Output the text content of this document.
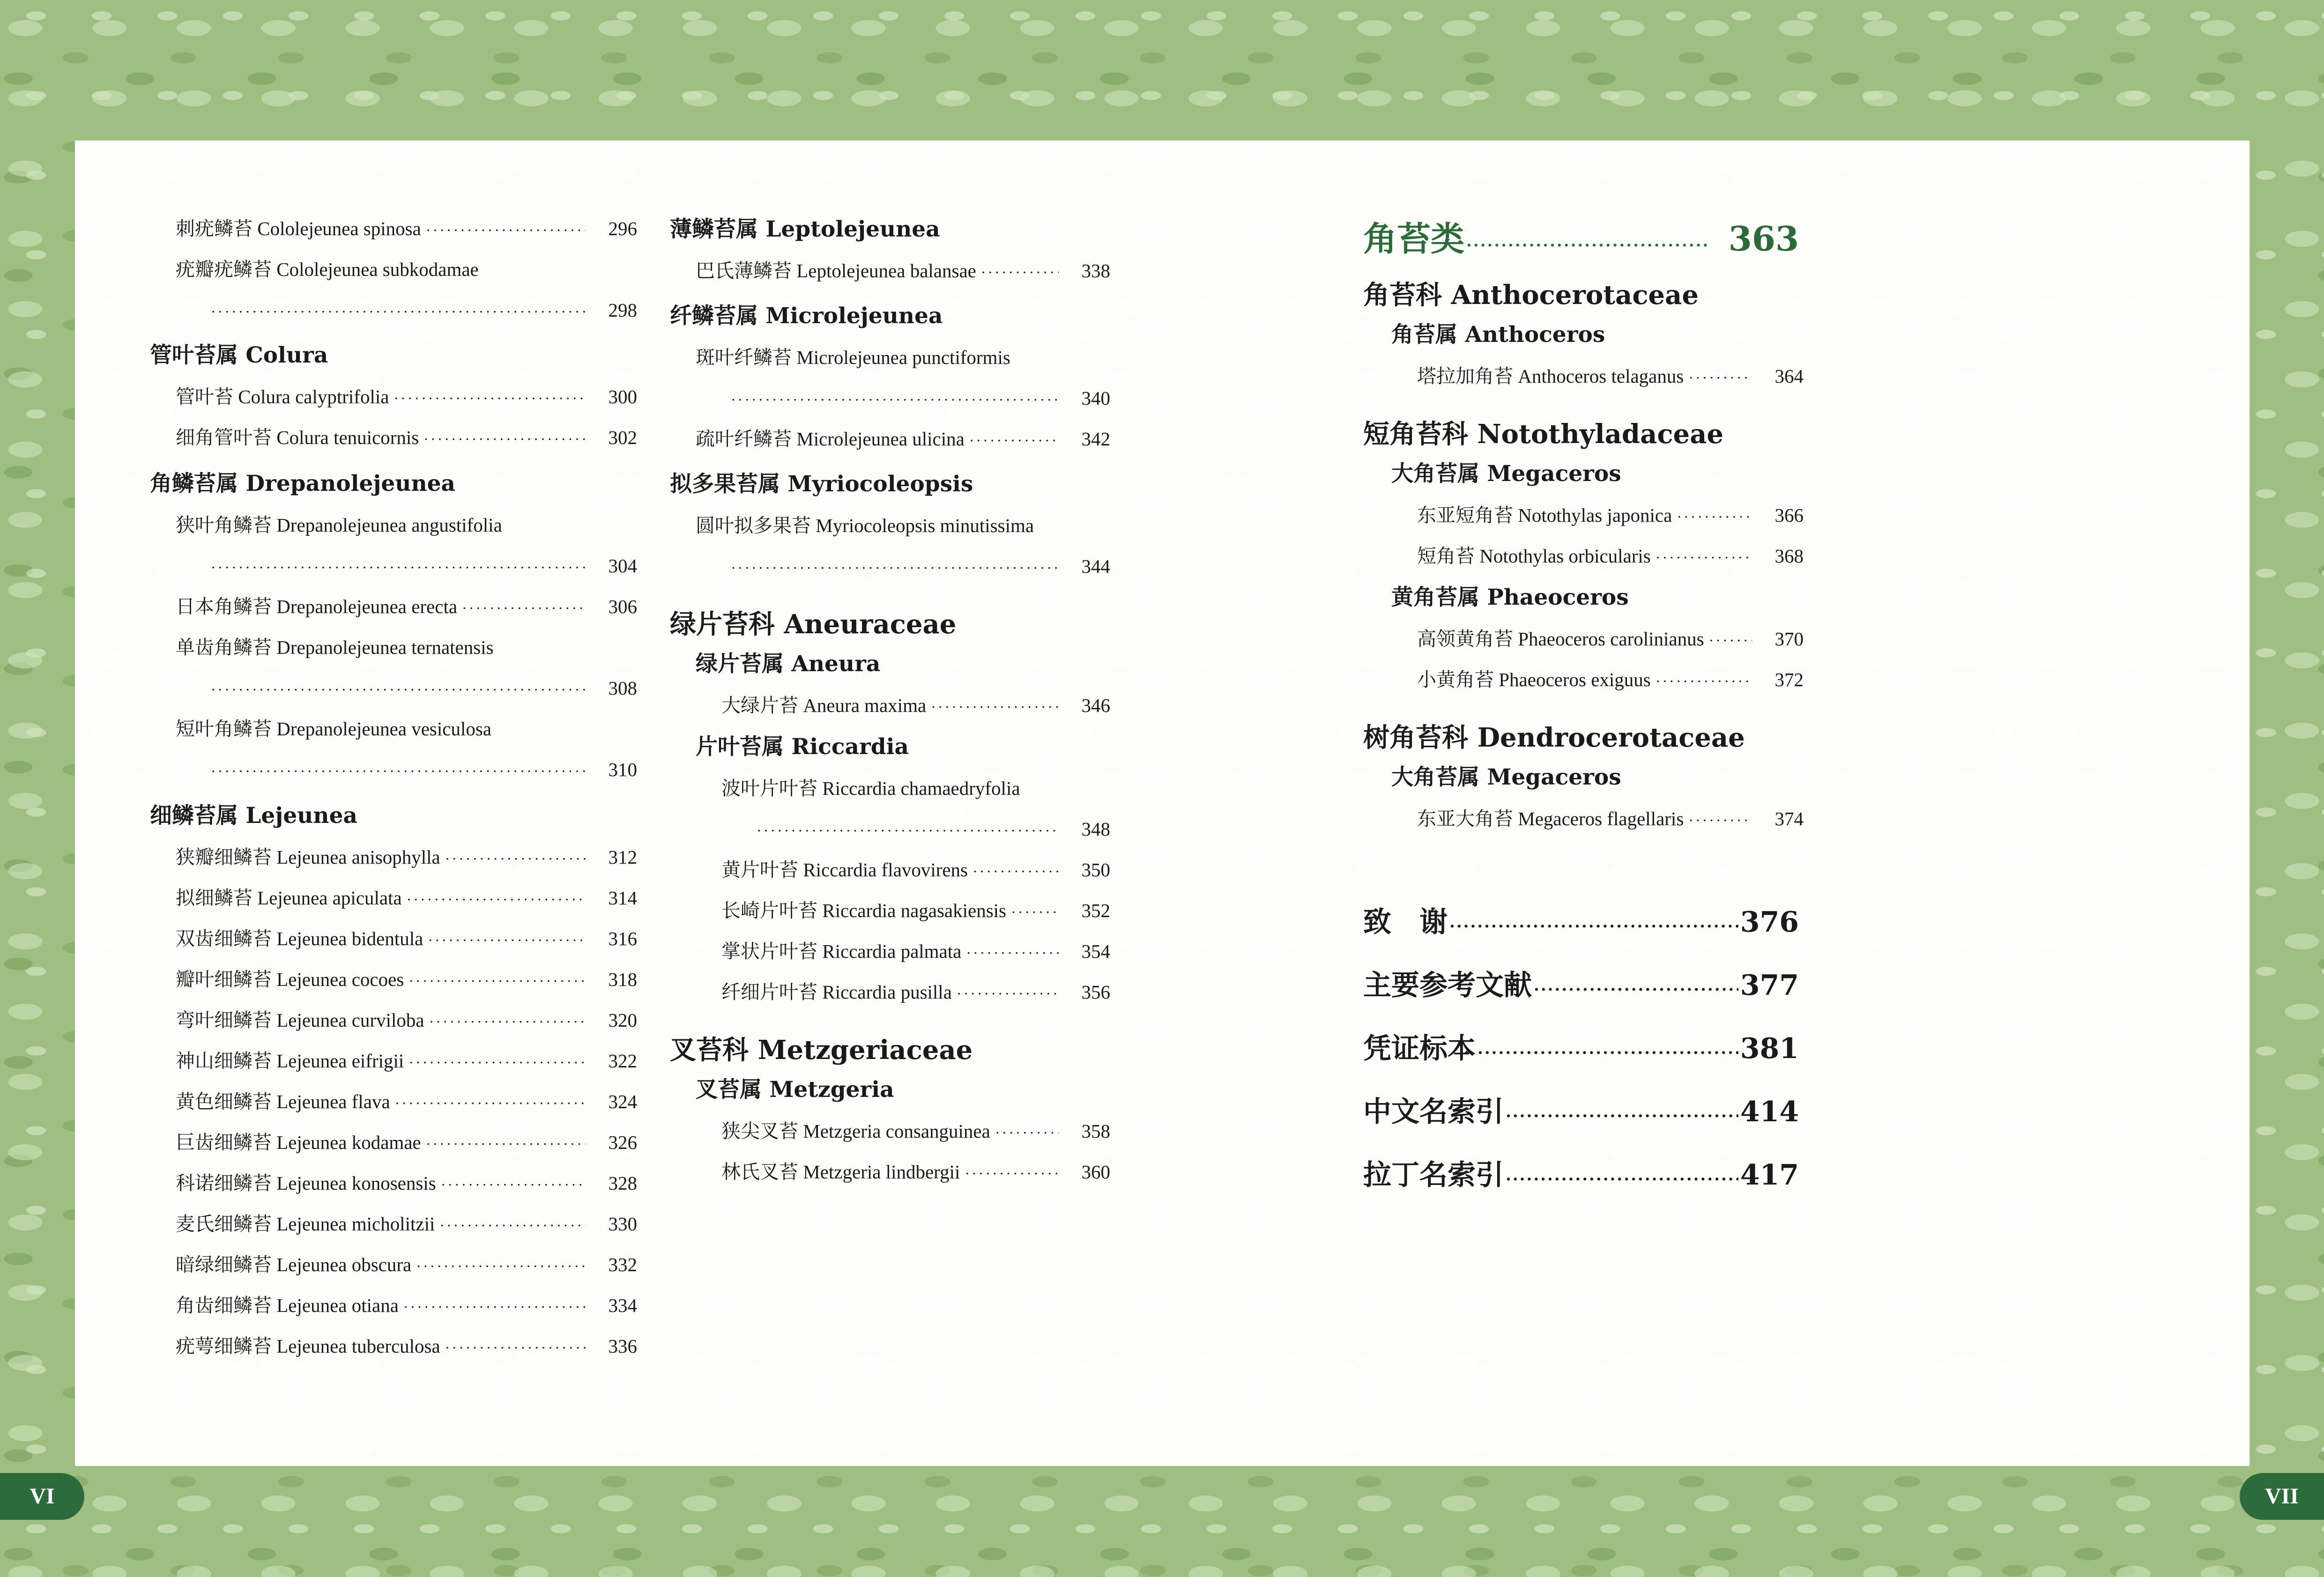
刺疣鳞苔 Cololejeunea spinosa ·····	296
疣瓣疣鳞苔 Cololejeunea subkodamae
·····
298
管叶苔属 Colura
管叶苔 Colura calyptrifolia ·····	300
细角管叶苔 Colura tenuicornis ·····	302
角鳞苔属 Drepanolejeunea
狭叶角鳞苔 Drepanolejeunea angustifolia
·····
304
日本角鳞苔 Drepanolejeunea erecta ·····	306
单齿角鳞苔 Drepanolejeunea ternatensis
·····
308
短叶角鳞苔 Drepanolejeunea vesiculosa
·····
310
细鳞苔属 Lejeunea
狭瓣细鳞苔 Lejeunea anisophylla ·····	312
拟细鳞苔 Lejeunea apiculata ·····	314
双齿细鳞苔 Lejeunea bidentula ·····	316
瓣叶细鳞苔 Lejeunea cocoes ·····	318
弯叶细鳞苔 Lejeunea curviloba ·····	320
神山细鳞苔 Lejeunea eifrigii ·····	322
黄色细鳞苔 Lejeunea flava ·····	324
巨齿细鳞苔 Lejeunea kodamae ·····	326
科诺细鳞苔 Lejeunea konosensis ·····	328
麦氏细鳞苔 Lejeunea micholitzii ·····	330
暗绿细鳞苔 Lejeunea obscura ·····	332
角齿细鳞苔 Lejeunea otiana ·····	334
疣萼细鳞苔 Lejeunea tuberculosa ·····	336
薄鳞苔属 Leptolejeunea
巴氏薄鳞苔 Leptolejeunea balansae ·····	338
纤鳞苔属 Microlejeunea
斑叶纤鳞苔 Microlejeunea punctiformis
·····
340
疏叶纤鳞苔 Microlejeunea ulicina ·····	342
拟多果苔属 Myriocoleopsis
圆叶拟多果苔 Myriocoleopsis minutissima
·····
344
绿片苔科 Aneuraceae
绿片苔属 Aneura
大绿片苔 Aneura maxima ·····	346
片叶苔属 Riccardia
波叶片叶苔 Riccardia chamaedryfolia
·····
348
黄片叶苔 Riccardia flavovirens ·····	350
长崎片叶苔 Riccardia nagasakiensis ·····	352
掌状片叶苔 Riccardia palmata ·····	354
纤细片叶苔 Riccardia pusilla ·····	356
叉苔科 Metzgeriaceae
叉苔属 Metzgeria
狭尖叉苔 Metzgeria consanguinea ·····	358
林氏叉苔 Metzgeria lindbergii ·····	360
角苔类 ·····	363
角苔科 Anthocerotaceae
角苔属 Anthoceros
塔拉加角苔 Anthoceros telaganus ·····	364
短角苔科 Notothyladaceae
大角苔属 Megaceros
东亚短角苔 Notothylas japonica ·····	366
短角苔 Notothylas orbicularis ·····	368
黄角苔属 Phaeoceros
高领黄角苔 Phaeoceros carolinianus ·····	370
小黄角苔 Phaeoceros exiguus ·····	372
树角苔科 Dendrocerotaceae
大角苔属 Megaceros
东亚大角苔 Megaceros flagellaris ·····	374
致　谢 ·····	376
主要参考文献 ·····	377
凭证标本 ·····	381
中文名索引 ·····	414
拉丁名索引 ·····	417
VI	VII
